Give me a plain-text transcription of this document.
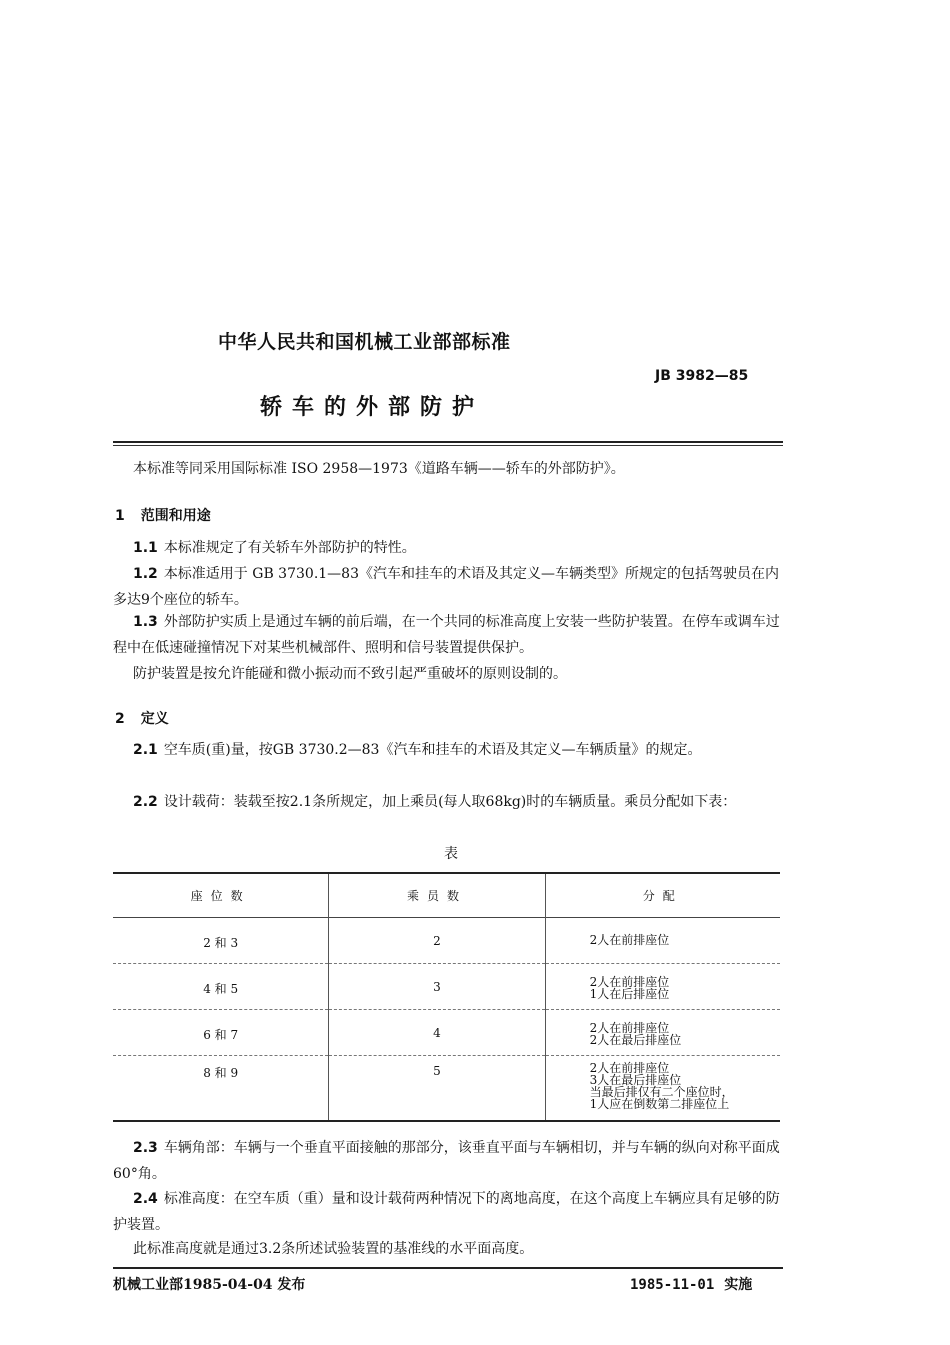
中华人民共和国机械工业部部标准
JB 3982—85
轿车的外部防护
本标准等同采用国际标准 ISO 2958—1973《道路车辆——轿车的外部防护》。
1 范围和用途
1.1 本标准规定了有关轿车外部防护的特性。
1.2 本标准适用于 GB 3730.1—83《汽车和挂车的术语及其定义—车辆类型》所规定的包括驾驶员在内多达9个座位的轿车。
1.3 外部防护实质上是通过车辆的前后端，在一个共同的标准高度上安装一些防护装置。在停车或调车过程中在低速碰撞情况下对某些机械部件、照明和信号装置提供保护。
防护装置是按允许能碰和微小振动而不致引起严重破坏的原则设制的。
2 定义
2.1 空车质(重)量，按GB 3730.2—83《汽车和挂车的术语及其定义—车辆质量》的规定。
2.2 设计载荷：装载至按2.1条所规定，加上乘员(每人取68kg)时的车辆质量。乘员分配如下表：
表
座位数	乘员数	分配
2 和 3	2	2人在前排座位

4 和 5	3	2人在前排座位
1人在后排座位

6 和 7	4	2人在前排座位
2人在最后排座位

8 和 9	5	2人在前排座位
3人在最后排座位
当最后排仅有二个座位时，
1人应在倒数第二排座位上
2.3 车辆角部：车辆与一个垂直平面接触的那部分，该垂直平面与车辆相切，并与车辆的纵向对称平面成60°角。
2.4 标准高度：在空车质（重）量和设计载荷两种情况下的离地高度，在这个高度上车辆应具有足够的防护装置。
此标准高度就是通过3.2条所述试验装置的基准线的水平面高度。
机械工业部1985-04-04 发布	1985-11-01 实施
